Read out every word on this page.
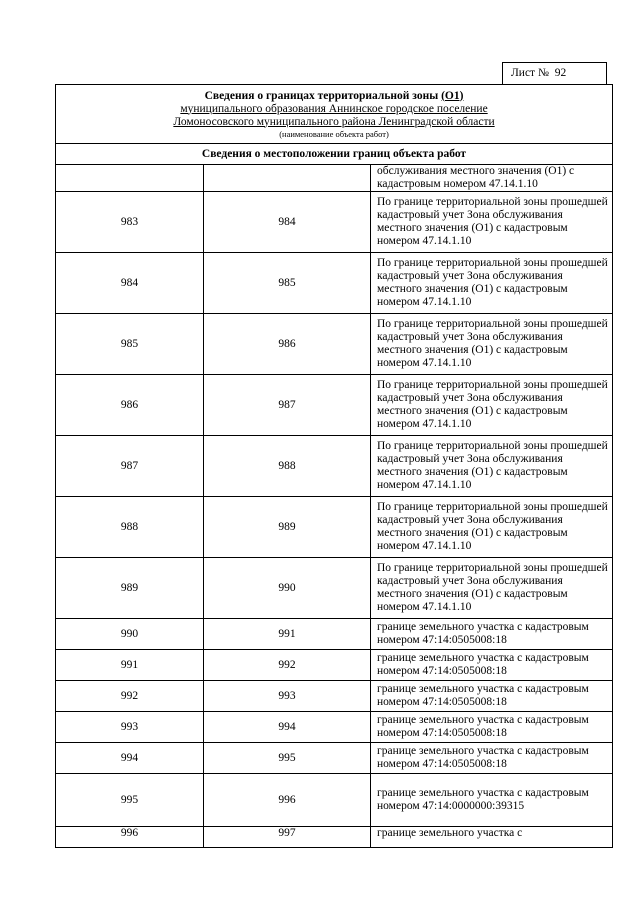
Лист № 92
Сведения о границах территориальной зоны (О1)
муниципального образования Аннинское городское поселение
Ломоносовского муниципального района Ленинградской области
(наименование объекта работ)		

Сведения о местоположении границ объекта работ		
		обслуживания местного значения (О1) с кадастровым номером 47.14.1.10
983	984	По границе территориальной зоны прошедшей кадастровый учет Зона обслуживания местного значения (О1) с кадастровым номером 47.14.1.10
984	985	По границе территориальной зоны прошедшей кадастровый учет Зона обслуживания местного значения (О1) с кадастровым номером 47.14.1.10
985	986	По границе территориальной зоны прошедшей кадастровый учет Зона обслуживания местного значения (О1) с кадастровым номером 47.14.1.10
986	987	По границе территориальной зоны прошедшей кадастровый учет Зона обслуживания местного значения (О1) с кадастровым номером 47.14.1.10
987	988	По границе территориальной зоны прошедшей кадастровый учет Зона обслуживания местного значения (О1) с кадастровым номером 47.14.1.10
988	989	По границе территориальной зоны прошедшей кадастровый учет Зона обслуживания местного значения (О1) с кадастровым номером 47.14.1.10
989	990	По границе территориальной зоны прошедшей кадастровый учет Зона обслуживания местного значения (О1) с кадастровым номером 47.14.1.10
990	991	границе земельного участка с кадастровым номером 47:14:0505008:18
991	992	границе земельного участка с кадастровым номером 47:14:0505008:18
992	993	границе земельного участка с кадастровым номером 47:14:0505008:18
993	994	границе земельного участка с кадастровым номером 47:14:0505008:18
994	995	границе земельного участка с кадастровым номером 47:14:0505008:18
995	996	границе земельного участка с кадастровым номером 47:14:0000000:39315
996	997	границе земельного участка с
